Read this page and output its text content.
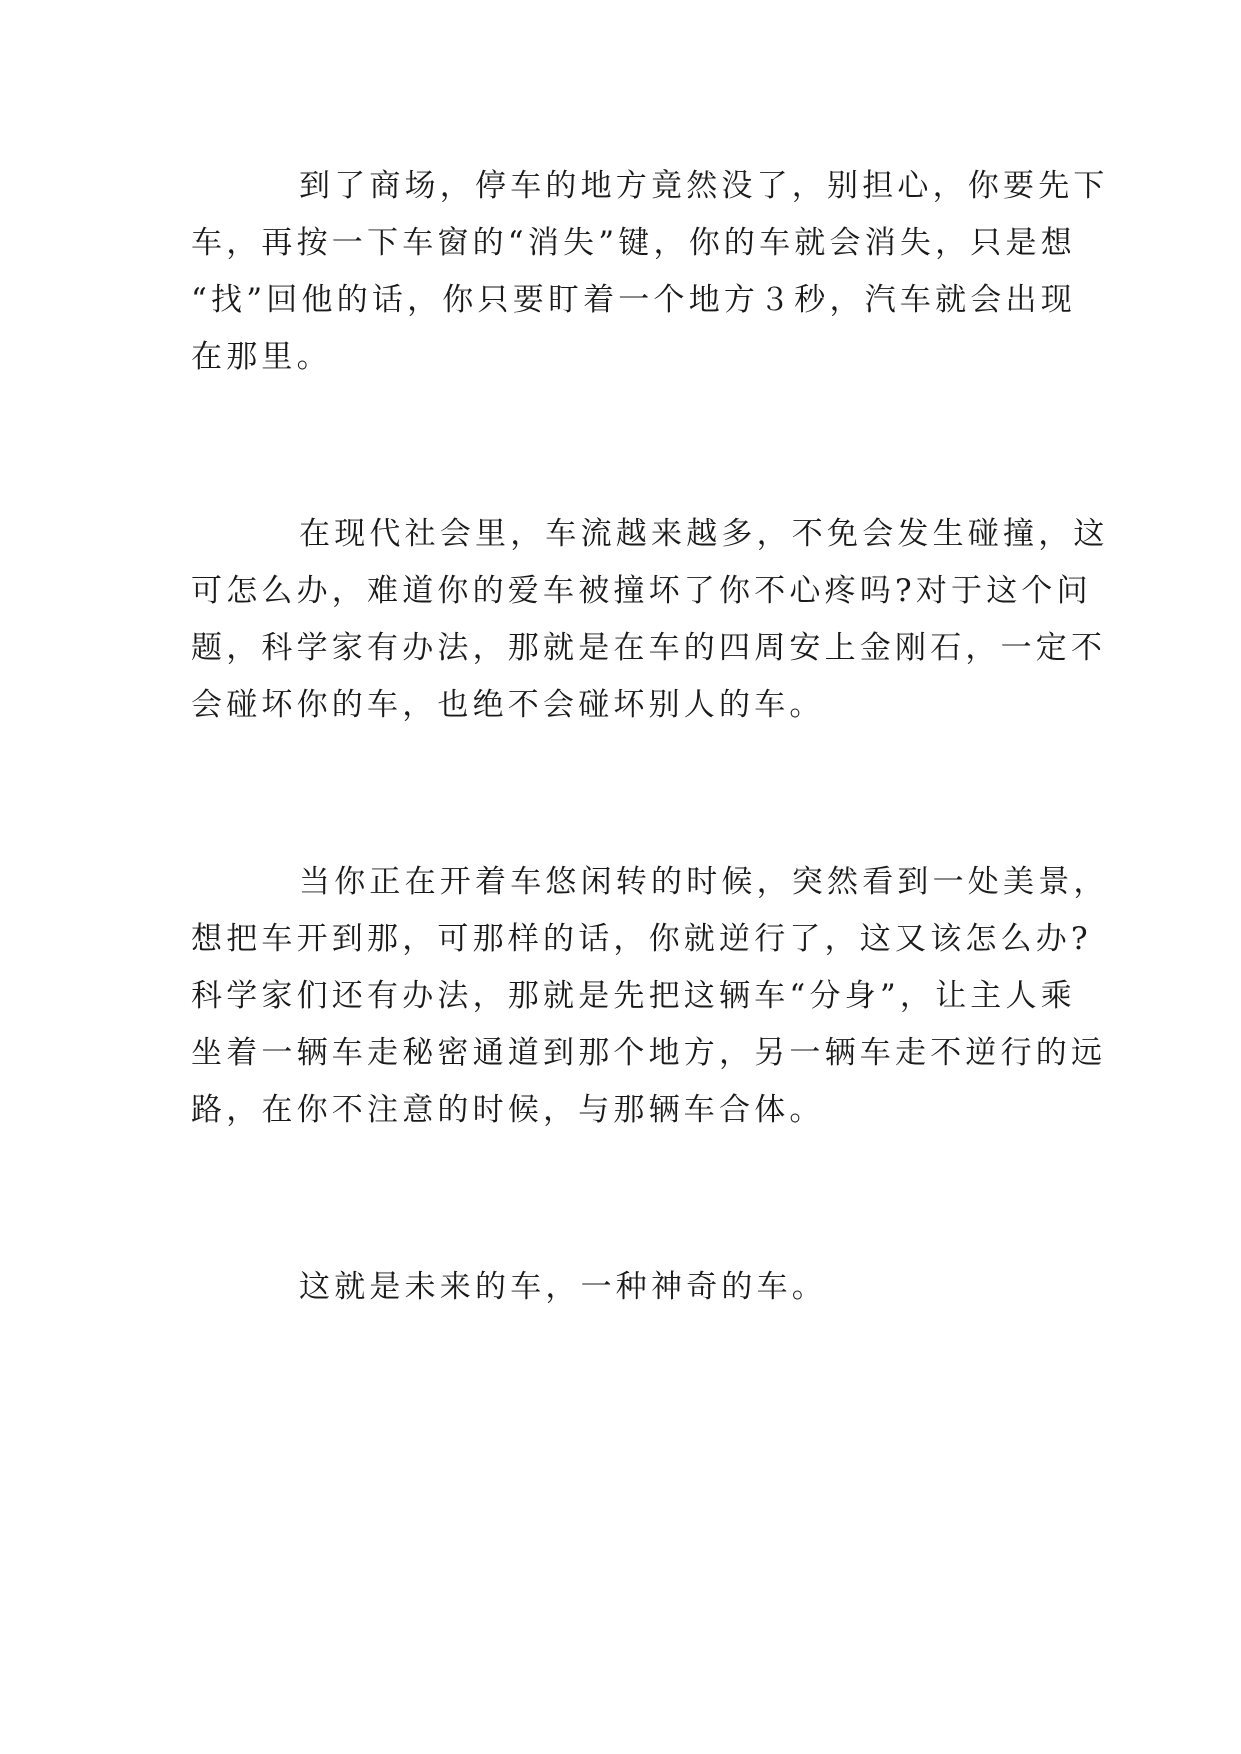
到了商场，停车的地方竟然没了，别担心，你要先下
车，再按一下车窗的“消失”键，你的车就会消失，只是想
“找”回他的话，你只要盯着一个地方３秒，汽车就会出现
在那里。
在现代社会里，车流越来越多，不免会发生碰撞，这
可怎么办，难道你的爱车被撞坏了你不心疼吗?对于这个问
题，科学家有办法，那就是在车的四周安上金刚石，一定不
会碰坏你的车，也绝不会碰坏别人的车。
当你正在开着车悠闲转的时候，突然看到一处美景，
想把车开到那，可那样的话，你就逆行了，这又该怎么办?
科学家们还有办法，那就是先把这辆车“分身”，让主人乘
坐着一辆车走秘密通道到那个地方，另一辆车走不逆行的远
路，在你不注意的时候，与那辆车合体。
这就是未来的车，一种神奇的车。
